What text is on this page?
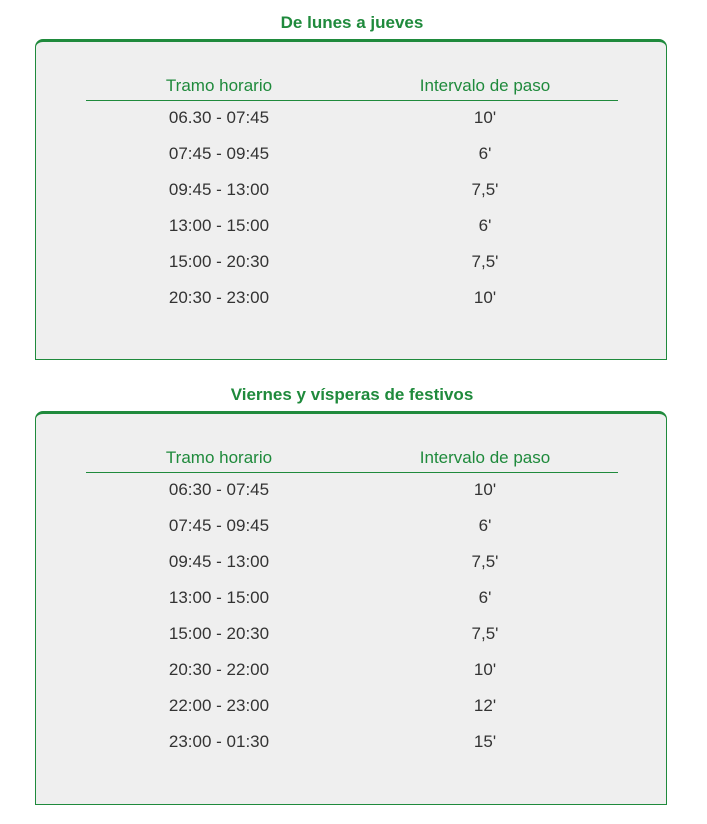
De lunes a jueves
Tramo horario	Intervalo de paso
06.30 - 07:45	10'
07:45 - 09:45	6'
09:45 - 13:00	7,5'
13:00 - 15:00	6'
15:00 - 20:30	7,5'
20:30 - 23:00	10'
Viernes y vísperas de festivos
Tramo horario	Intervalo de paso
06:30 - 07:45	10'
07:45 - 09:45	6'
09:45 - 13:00	7,5'
13:00 - 15:00	6'
15:00 - 20:30	7,5'
20:30 - 22:00	10'
22:00 - 23:00	12'
23:00 - 01:30	15'
